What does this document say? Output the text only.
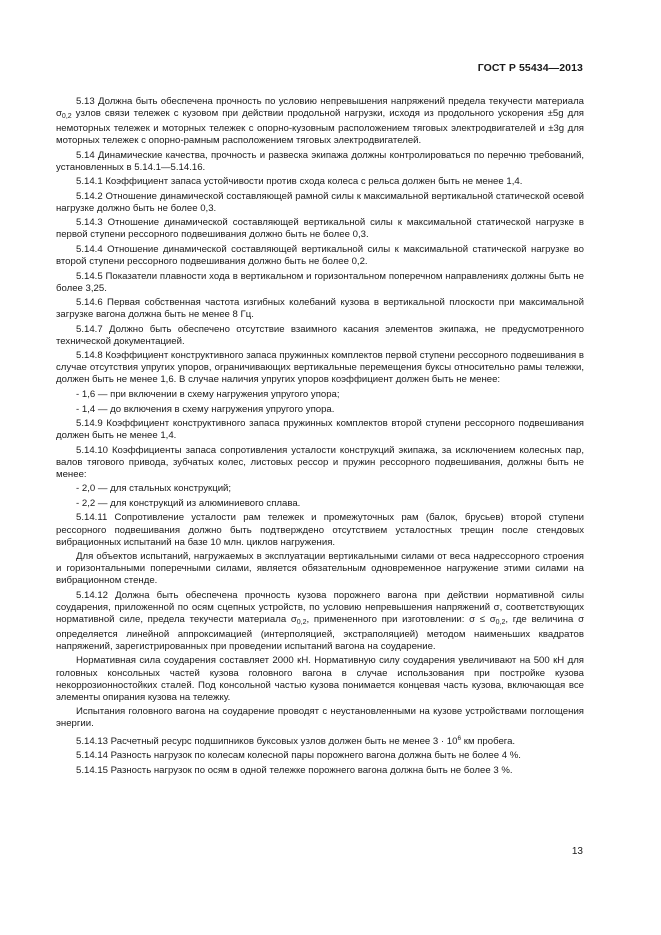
ГОСТ Р 55434—2013
5.13 Должна быть обеспечена прочность по условию непревышения напряжений предела текучести материала $\sigma_{0,2}$ узлов связи тележек с кузовом при действии продольной нагрузки, исходя из продольного ускорения ±5g для немоторных тележек и моторных тележек с опорно-кузовным расположением тяговых электродвигателей и ±3g для моторных тележек с опорно-рамным расположением тяговых электродвигателей.
5.14 Динамические качества, прочность и развеска экипажа должны контролироваться по перечню требований, установленных в 5.14.1—5.14.16.
5.14.1 Коэффициент запаса устойчивости против схода колеса с рельса должен быть не менее 1,4.
5.14.2 Отношение динамической составляющей рамной силы к максимальной вертикальной статической осевой нагрузке должно быть не более 0,3.
5.14.3 Отношение динамической составляющей вертикальной силы к максимальной статической нагрузке в первой ступени рессорного подвешивания должно быть не более 0,3.
5.14.4 Отношение динамической составляющей вертикальной силы к максимальной статической нагрузке во второй ступени рессорного подвешивания должно быть не более 0,2.
5.14.5 Показатели плавности хода в вертикальном и горизонтальном поперечном направлениях должны быть не более 3,25.
5.14.6 Первая собственная частота изгибных колебаний кузова в вертикальной плоскости при максимальной загрузке вагона должна быть не менее 8 Гц.
5.14.7 Должно быть обеспечено отсутствие взаимного касания элементов экипажа, не предусмотренного технической документацией.
5.14.8 Коэффициент конструктивного запаса пружинных комплектов первой ступени рессорного подвешивания в случае отсутствия упругих упоров, ограничивающих вертикальные перемещения буксы относительно рамы тележки, должен быть не менее 1,6. В случае наличия упругих упоров коэффициент должен быть не менее:
- 1,6 — при включении в схему нагружения упругого упора;
- 1,4 — до включения в схему нагружения упругого упора.
5.14.9 Коэффициент конструктивного запаса пружинных комплектов второй ступени рессорного подвешивания должен быть не менее 1,4.
5.14.10 Коэффициенты запаса сопротивления усталости конструкций экипажа, за исключением колесных пар, валов тягового привода, зубчатых колес, листовых рессор и пружин рессорного подвешивания, должны быть не менее:
- 2,0 — для стальных конструкций;
- 2,2 — для конструкций из алюминиевого сплава.
5.14.11 Сопротивление усталости рам тележек и промежуточных рам (балок, брусьев) второй ступени рессорного подвешивания должно быть подтверждено отсутствием усталостных трещин после стендовых вибрационных испытаний на базе 10 млн. циклов нагружения.
Для объектов испытаний, нагружаемых в эксплуатации вертикальными силами от веса надрессорного строения и горизонтальными поперечными силами, является обязательным одновременное нагружение этими силами на вибрационном стенде.
5.14.12 Должна быть обеспечена прочность кузова порожнего вагона при действии нормативной силы соударения, приложенной по осям сцепных устройств, по условию непревышения напряжений σ, соответствующих нормативной силе, предела текучести материала $\sigma_{0,2}$, примененного при изготовлении: $\sigma \le \sigma_{0,2}$, где величина σ определяется линейной аппроксимацией (интерполяцией, экстраполяцией) методом наименьших квадратов напряжений, зарегистрированных при проведении испытаний вагона на соударение.
Нормативная сила соударения составляет 2000 кН. Нормативную силу соударения увеличивают на 500 кН для головных консольных частей кузова головного вагона в случае использования при постройке кузова некоррозионностойких сталей. Под консольной частью кузова понимается концевая часть кузова, включающая все элементы опирания кузова на тележку.
Испытания головного вагона на соударение проводят с неустановленными на кузове устройствами поглощения энергии.
5.14.13 Расчетный ресурс подшипников буксовых узлов должен быть не менее $3 \cdot 10^6$ км пробега.
5.14.14 Разность нагрузок по колесам колесной пары порожнего вагона должна быть не более 4 %.
5.14.15 Разность нагрузок по осям в одной тележке порожнего вагона должна быть не более 3 %.
13
